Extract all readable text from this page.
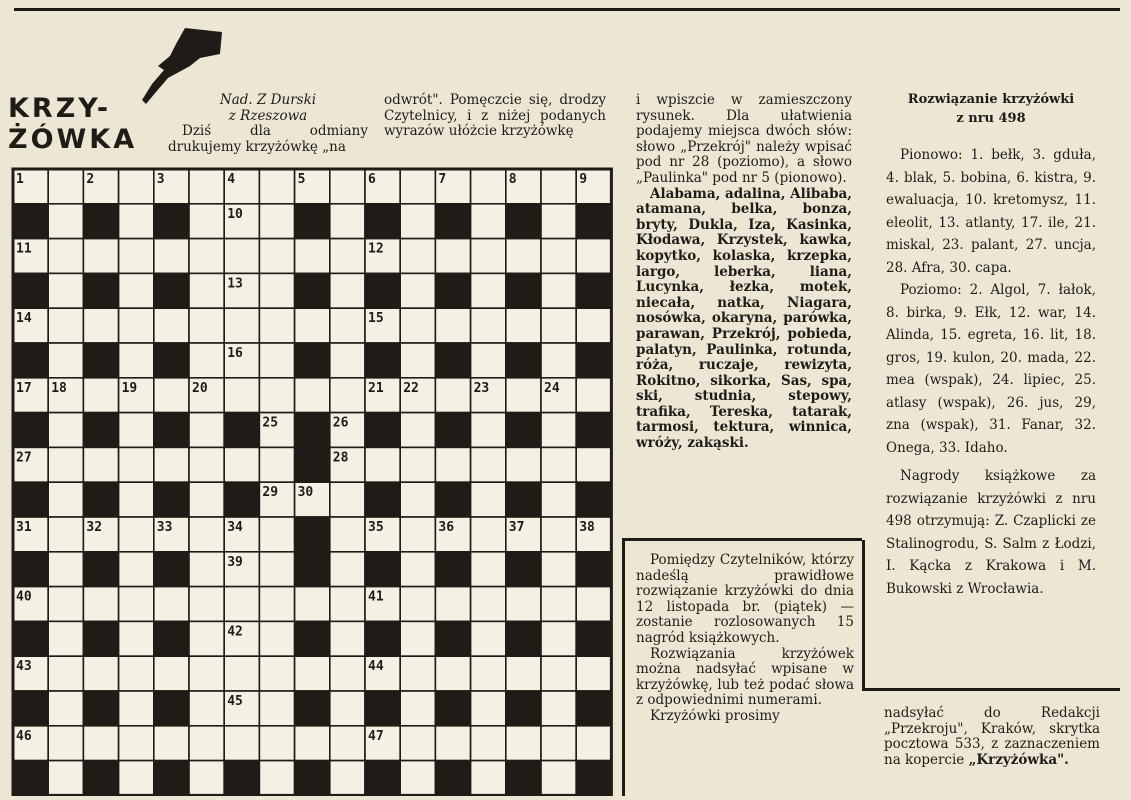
KRZY-
ŻÓWKA

Nad. Z Durski

z Rzeszowa

Dziś dla odmiany drukujemy krzyżówkę „na

odwrót". Pomęczcie się, drodzy Czytelnicy, i z niżej podanych wyrazów ułóżcie krzyżówkę

i wpiszcie w zamieszczony rysunek. Dla ułatwienia podajemy miejsca dwóch słów: słowo „Przekrój" należy wpisać pod nr 28 (poziomo), a słowo „Paulinka" pod nr 5 (pionowo).

Alabama, adalina, Alibaba, atamana, belka, bonza, bryty, Dukla, Iza, Kasinka, Kłodawa, Krzystek, kawka, kopytko, kolaska, krzepka, largo, leberka, liana, Lucynka, łezka, motek, niecała, natka, Niagara, nosówka, okaryna, parówka, parawan, Przekrój, pobieda, palatyn, Paulinka, rotunda, róża, ruczaje, rewizyta, Rokitno, sikorka, Sas, spa, ski, studnia, stepowy, trafika, Tereska, tatarak, tarmosi, tektura, winnica, wróży, zakąski.

1	2	3	4	5	6	7	8	9
10
11	12
13
14	15
16
17 18	19	20	21 22	23	24
25	26
27	28
29 30
31	32	33	34	35	36	37	38
39
40	41
42
43	44
45
46	47

Pomiędzy Czytelników, którzy nadeślą prawidłowe rozwiązanie krzyżówki do dnia 12 listopada br. (piątek) — zostanie rozlosowanych 15 nagród książkowych.

Rozwiązania krzyżówek można nadsyłać wpisane w krzyżówkę, lub też podać słowa z odpowiednimi numerami.

Krzyżówki prosimy	nadsyłać do Redakcji „Przekroju", Kraków, skrytka pocztowa 533, z zaznaczeniem na kopercie „Krzyżówka".

Rozwiązanie krzyżówki
z nru 498

Pionowo: 1. bełk, 3. gduła, 4. blak, 5. bobina, 6. kistra, 9. ewaluacja, 10. kretomysz, 11. eleolit, 13. atlanty, 17. ile, 21. miskal, 23. palant, 27. uncja, 28. Afra, 30. capa.

Poziomo: 2. Algol, 7. łałok, 8. birka, 9. Ełk, 12. war, 14. Alinda, 15. egreta, 16. lit, 18. gros, 19. kulon, 20. mada, 22. mea (wspak), 24. lipiec, 25. atlasy (wspak), 26. jus, 29, zna (wspak), 31. Fanar, 32. Onega, 33. Idaho.

Nagrody książkowe za rozwiązanie krzyżówki z nru 498 otrzymują: Z. Czaplicki ze Stalinogrodu, S. Salm z Łodzi, I. Kącka z Krakowa i M. Bukowski z Wrocławia.
